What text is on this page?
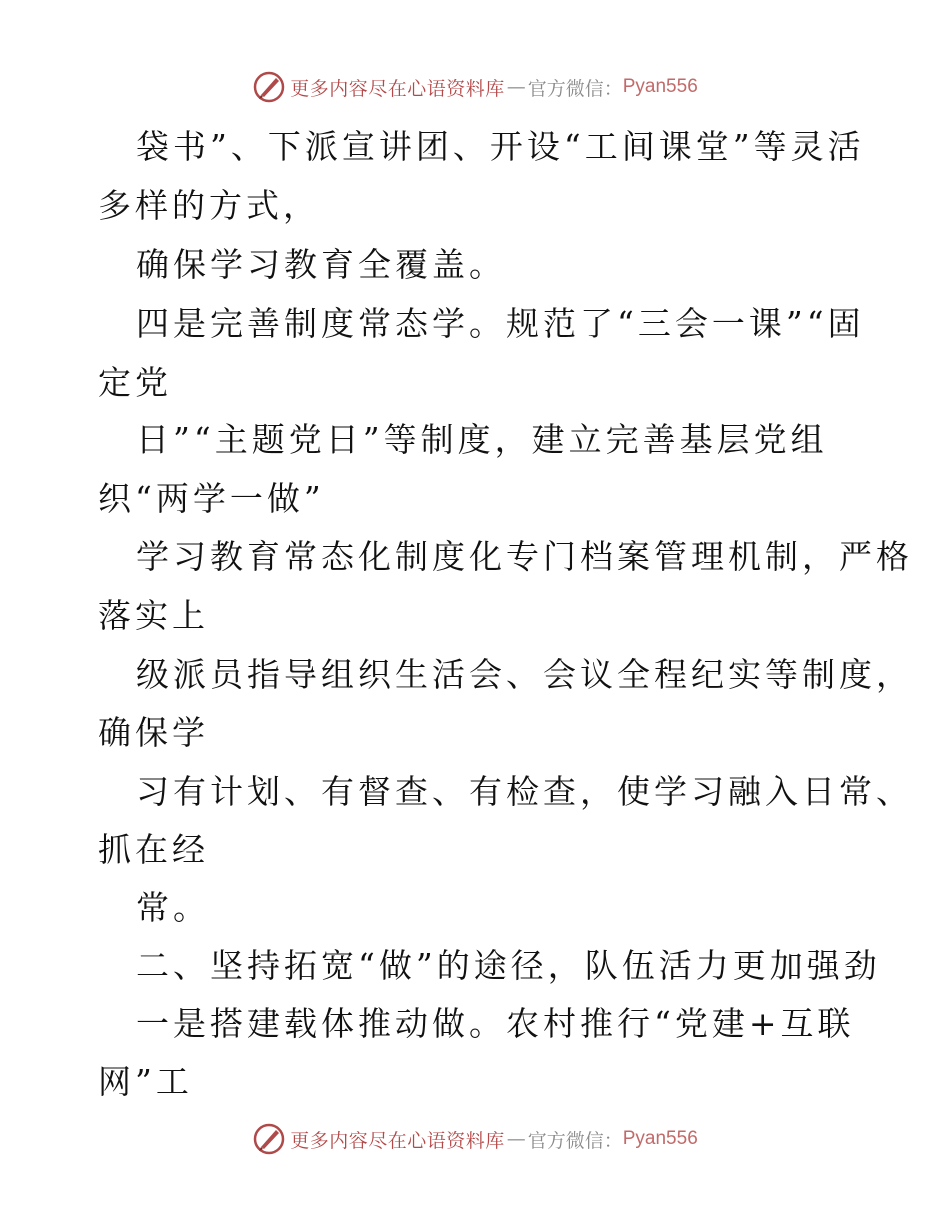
更多内容尽在心语资料库 — 官方微信： Pyan556
袋书”、下派宣讲团、开设“工间课堂”等灵活
多样的方式，
确保学习教育全覆盖。
四是完善制度常态学。规范了“三会一课”“固
定党
日”“主题党日”等制度，建立完善基层党组
织“两学一做”
学习教育常态化制度化专门档案管理机制，严格
落实上
级派员指导组织生活会、会议全程纪实等制度，
确保学
习有计划、有督查、有检查，使学习融入日常、
抓在经
常。
二、坚持拓宽“做”的途径，队伍活力更加强劲
一是搭建载体推动做。农村推行“党建+互联
网”工
更多内容尽在心语资料库 — 官方微信： Pyan556
